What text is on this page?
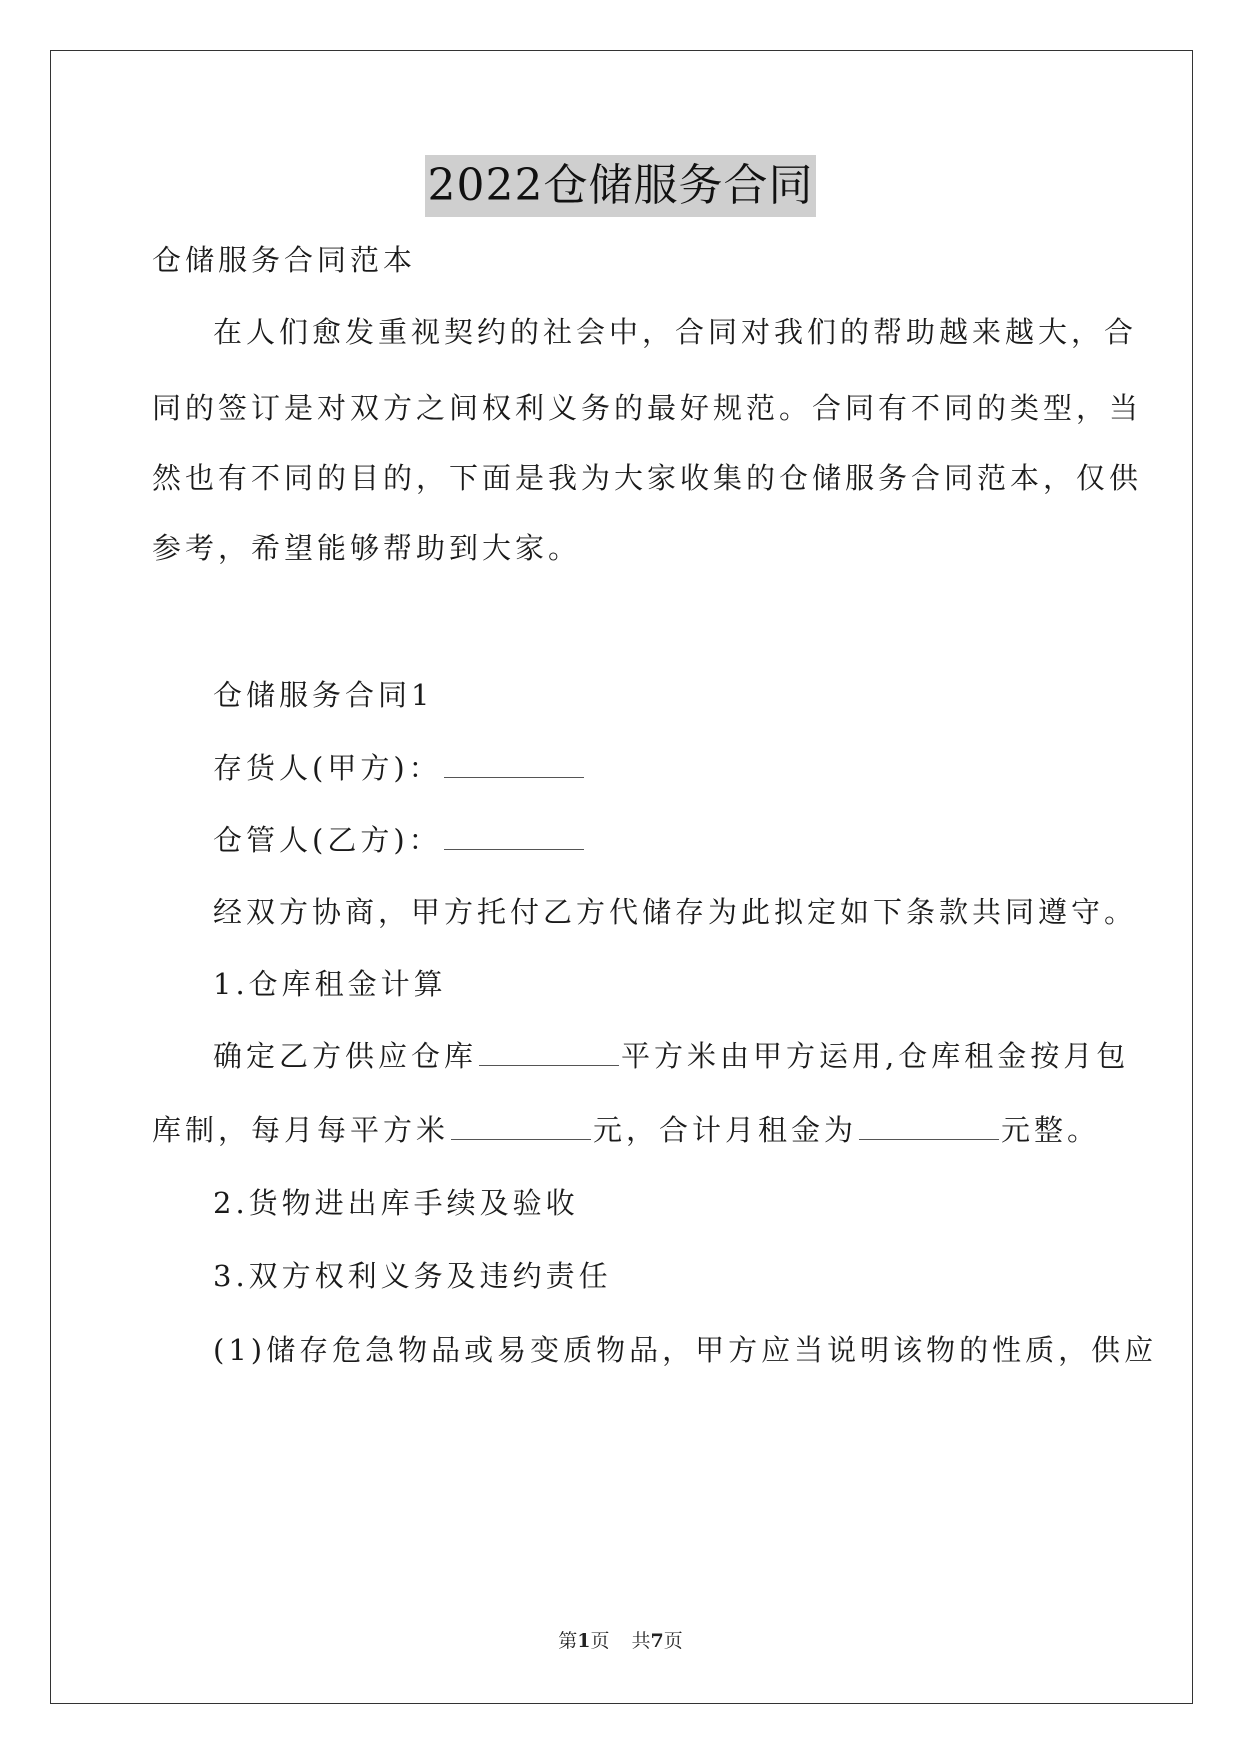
2022仓储服务合同
仓储服务合同范本
在人们愈发重视契约的社会中，合同对我们的帮助越来越大，合
同的签订是对双方之间权利义务的最好规范。合同有不同的类型，当
然也有不同的目的，下面是我为大家收集的仓储服务合同范本，仅供
参考，希望能够帮助到大家。
仓储服务合同1
存货人(甲方)：
仓管人(乙方)：
经双方协商，甲方托付乙方代储存为此拟定如下条款共同遵守。
1.仓库租金计算
确定乙方供应仓库	平方米由甲方运用,仓库租金按月包
库制，每月每平方米	元，合计月租金为	元整。
2.货物进出库手续及验收
3.双方权利义务及违约责任
(1)储存危急物品或易变质物品，甲方应当说明该物的性质，供应
第1页 共7页
